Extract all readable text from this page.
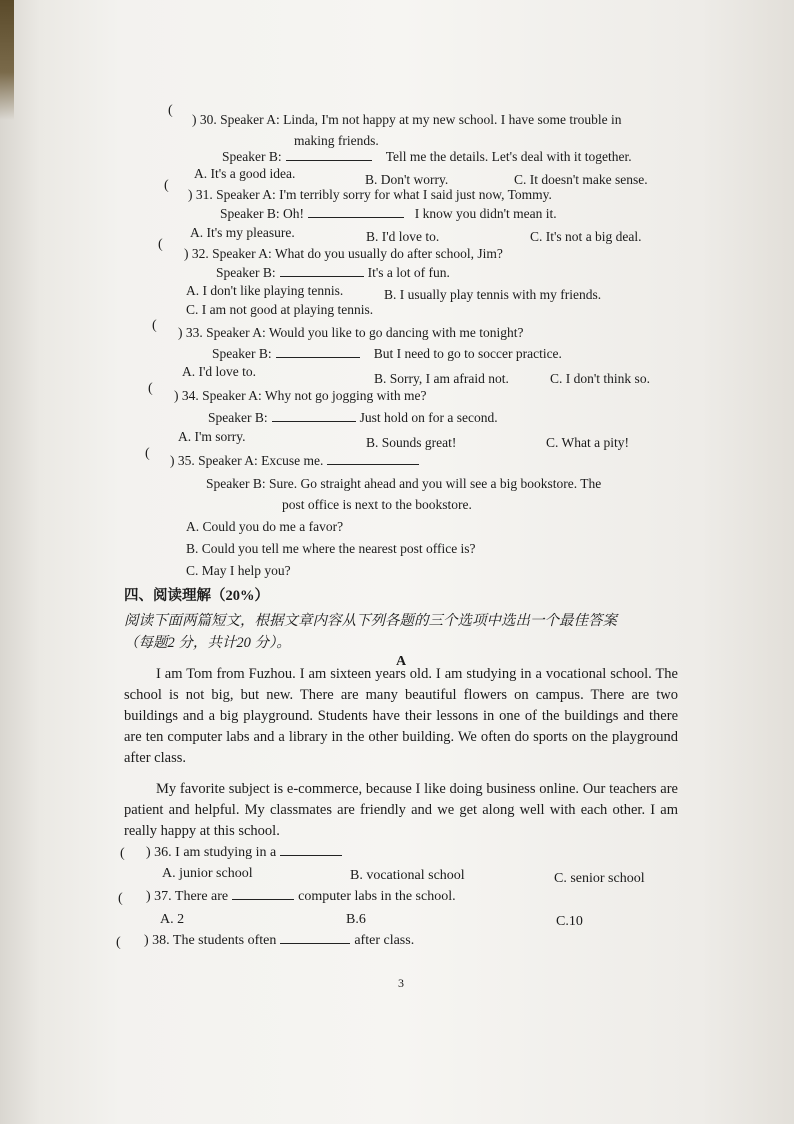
(
) 30. Speaker A: Linda, I'm not happy at my new school. I have some trouble in
making friends.
Speaker B:	Tell me the details. Let's deal with it together.
A. It's a good idea.	B. Don't worry.	C. It doesn't make sense.
(
) 31. Speaker A: I'm terribly sorry for what I said just now, Tommy.
Speaker B: Oh!	I know you didn't mean it.
A. It's my pleasure.	B. I'd love to.	C. It's not a big deal.
(
) 32. Speaker A: What do you usually do after school, Jim?
Speaker B:	It's a lot of fun.
A. I don't like playing tennis.	B. I usually play tennis with my friends.
C. I am not good at playing tennis.
( ) 33. Speaker A: Would you like to go dancing with me tonight?
Speaker B:	But I need to go to soccer practice.
A. I'd love to.	B. Sorry, I am afraid not.	C. I don't think so.
( ) 34. Speaker A: Why not go jogging with me?
Speaker B:	Just hold on for a second.
A. I'm sorry.	B. Sounds great!	C. What a pity!
( ) 35. Speaker A: Excuse me.
Speaker B: Sure. Go straight ahead and you will see a big bookstore. The
post office is next to the bookstore.
A. Could you do me a favor?
B. Could you tell me where the nearest post office is?
C. May I help you?
四、阅读理解（20%）
阅读下面两篇短文，根据文章内容从下列各题的三个选项中选出一个最佳答案
（每题2 分，共计20 分）。
A

I am Tom from Fuzhou. I am sixteen years old. I am studying in a vocational school. The school is not big, but new. There are many beautiful flowers on campus. There are two buildings and a big playground. Students have their lessons in one of the buildings and there are ten computer labs and a library in the other building. We often do sports on the playground after class.

My favorite subject is e-commerce, because I like doing business online. Our teachers are patient and helpful. My classmates are friendly and we get along well with each other. I am really happy at this school.

( ) 36. I am studying in a
A. junior school	B. vocational school	C. senior school
( ) 37. There are	computer labs in the school.
A. 2	B.6	C.10
( ) 38. The students often	after class.
3
